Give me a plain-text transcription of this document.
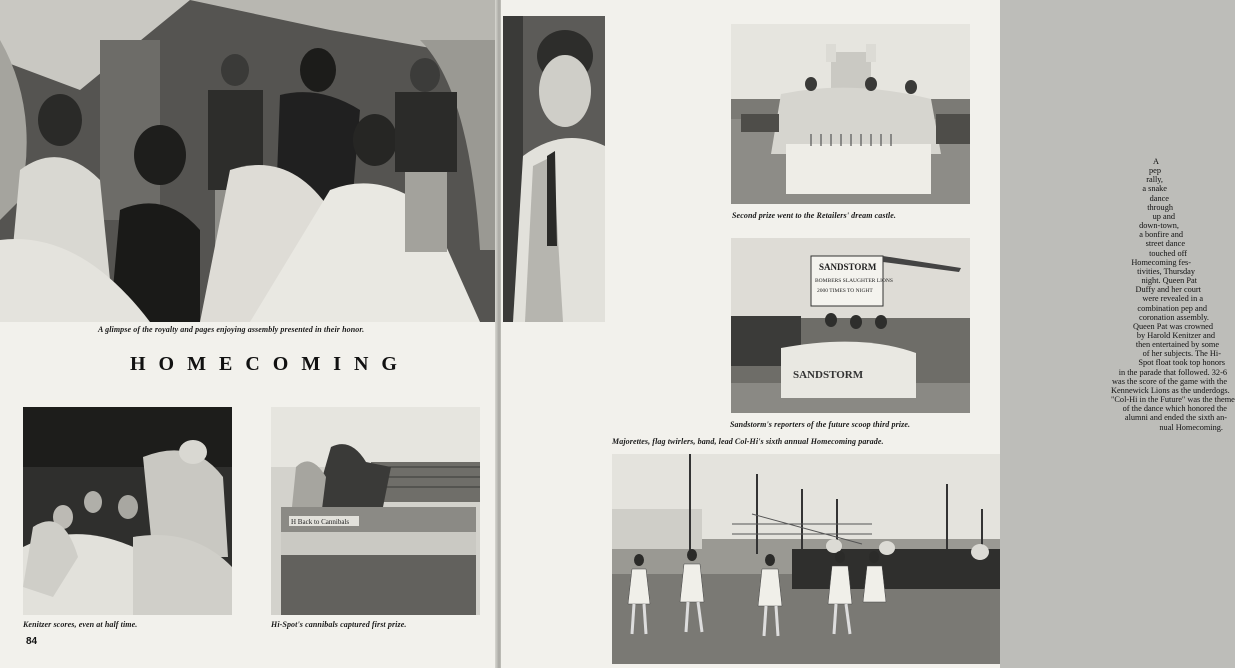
A glimpse of the royalty and pages enjoying assembly presented in their honor.
HOMECOMING
Kenitzer scores, even at half time.
H Back to Cannibals
Hi-Spot's cannibals captured first prize.
84
Second prize went to the Retailers' dream castle.
SANDSTORM
BOMBERS SLAUGHTER LIONS
2000 TIMES TO NIGHT
SANDSTORM
Sandstorm's reporters of the future scoop third prize.
Majorettes, flag twirlers, band, lead Col-Hi's sixth annual Homecoming parade.
A
pep
rally,
a snake
dance
through
up and
down-town,
a bonfire and
street dance
touched off
Homecoming fes-
tivities, Thursday
night. Queen Pat
Duffy and her court
were revealed in a
combination pep and
coronation assembly.
Queen Pat was crowned
by Harold Kenitzer and
then entertained by some
of her subjects. The Hi-
Spot float took top honors
in the parade that followed. 32-6
was the score of the game with the
Kennewick Lions as the underdogs.
"Col-Hi in the Future" was the theme
of the dance which honored the
alumni and ended the sixth an-
nual Homecoming.
